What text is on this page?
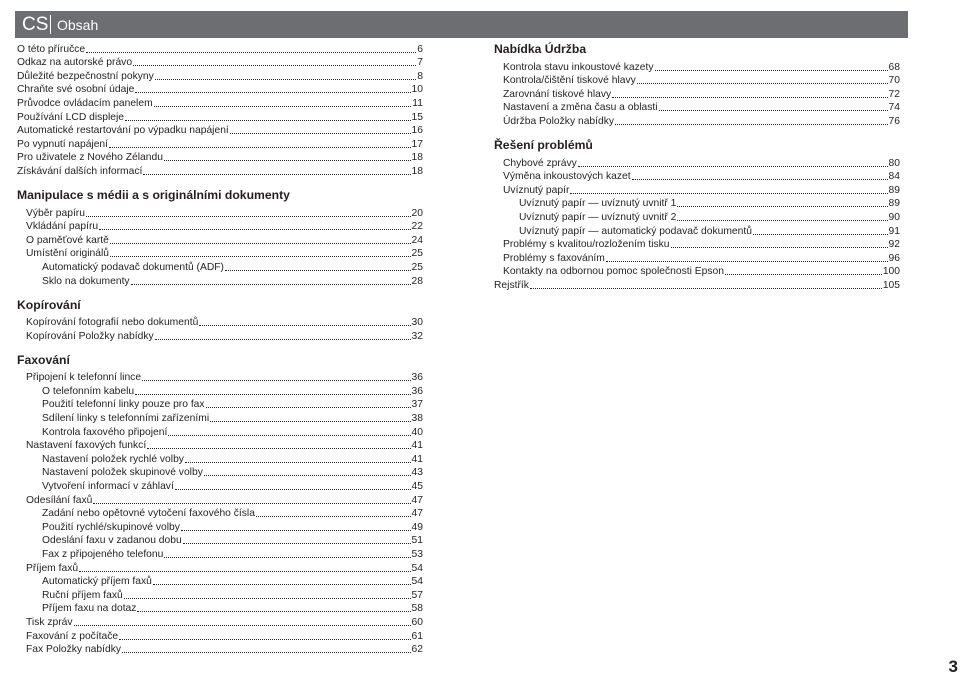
CS Obsah
O této příručce	6
Odkaz na autorské právo	7
Důležité bezpečnostní pokyny	8
Chraňte své osobní údaje	10
Průvodce ovládacím panelem	11
Používání LCD displeje	15
Automatické restartování po výpadku napájení	16
Po vypnutí napájení	17
Pro uživatele z Nového Zélandu	18
Získávání dalších informací	18
Manipulace s médii a s originálními dokumenty
Výběr papíru	20
Vkládání papíru	22
O paměťové kartě	24
Umístění originálů	25
Automatický podavač dokumentů (ADF)	25
Sklo na dokumenty	28
Kopírování
Kopírování fotografií nebo dokumentů	30
Kopírování Položky nabídky	32
Faxování
Připojení k telefonní lince	36
O telefonním kabelu	36
Použití telefonní linky pouze pro fax	37
Sdílení linky s telefonními zařízeními	38
Kontrola faxového připojení	40
Nastavení faxových funkcí	41
Nastavení položek rychlé volby	41
Nastavení položek skupinové volby	43
Vytvoření informací v záhlaví	45
Odesílání faxů	47
Zadání nebo opětovné vytočení faxového čísla	47
Použití rychlé/skupinové volby	49
Odeslání faxu v zadanou dobu	51
Fax z připojeného telefonu	53
Příjem faxů	54
Automatický příjem faxů	54
Ruční příjem faxů	57
Příjem faxu na dotaz	58
Tisk zpráv	60
Faxování z počítače	61
Fax Položky nabídky	62
Nabídka Údržba
Kontrola stavu inkoustové kazety	68
Kontrola/čištění tiskové hlavy	70
Zarovnání tiskové hlavy	72
Nastavení a změna času a oblasti	74
Údržba Položky nabídky	76
Řešení problémů
Chybové zprávy	80
Výměna inkoustových kazet	84
Uvíznutý papír	89
Uvíznutý papír — uvíznutý uvnitř 1	89
Uvíznutý papír — uvíznutý uvnitř 2	90
Uvíznutý papír — automatický podavač dokumentů	91
Problémy s kvalitou/rozložením tisku	92
Problémy s faxováním	96
Kontakty na odbornou pomoc společnosti Epson	100
Rejstřík	105
3
